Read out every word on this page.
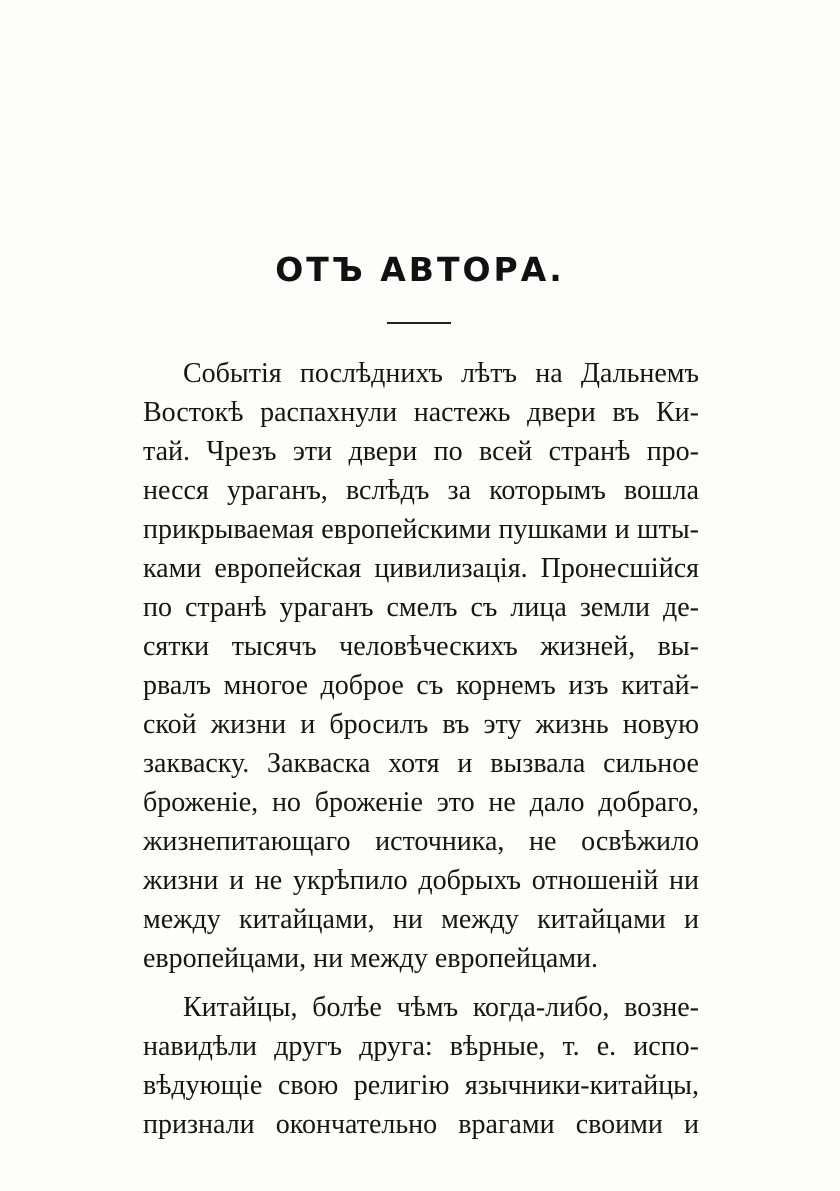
ОТЪ АВТОРА.
Событія послѣднихъ лѣтъ на Дальнемъ
Востокѣ распахнули настежь двери въ Ки-
тай. Чрезъ эти двери по всей странѣ про-
несся ураганъ, вслѣдъ за которымъ вошла
прикрываемая европейскими пушками и шты-
ками европейская цивилизація. Пронесшійся
по странѣ ураганъ смелъ съ лица земли де-
сятки тысячъ человѣческихъ жизней, вы-
рвалъ многое доброе съ корнемъ изъ китай-
ской жизни и бросилъ въ эту жизнь новую
закваску. Закваска хотя и вызвала сильное
броженіе, но броженіе это не дало добраго,
жизнепитающаго источника, не освѣжило
жизни и не укрѣпило добрыхъ отношеній ни
между китайцами, ни между китайцами и
европейцами, ни между европейцами.
Китайцы, болѣе чѣмъ когда-либо, возне-
навидѣли другъ друга: вѣрные, т. е. испо-
вѣдующіе свою религію язычники-китайцы,
признали окончательно врагами своими и
